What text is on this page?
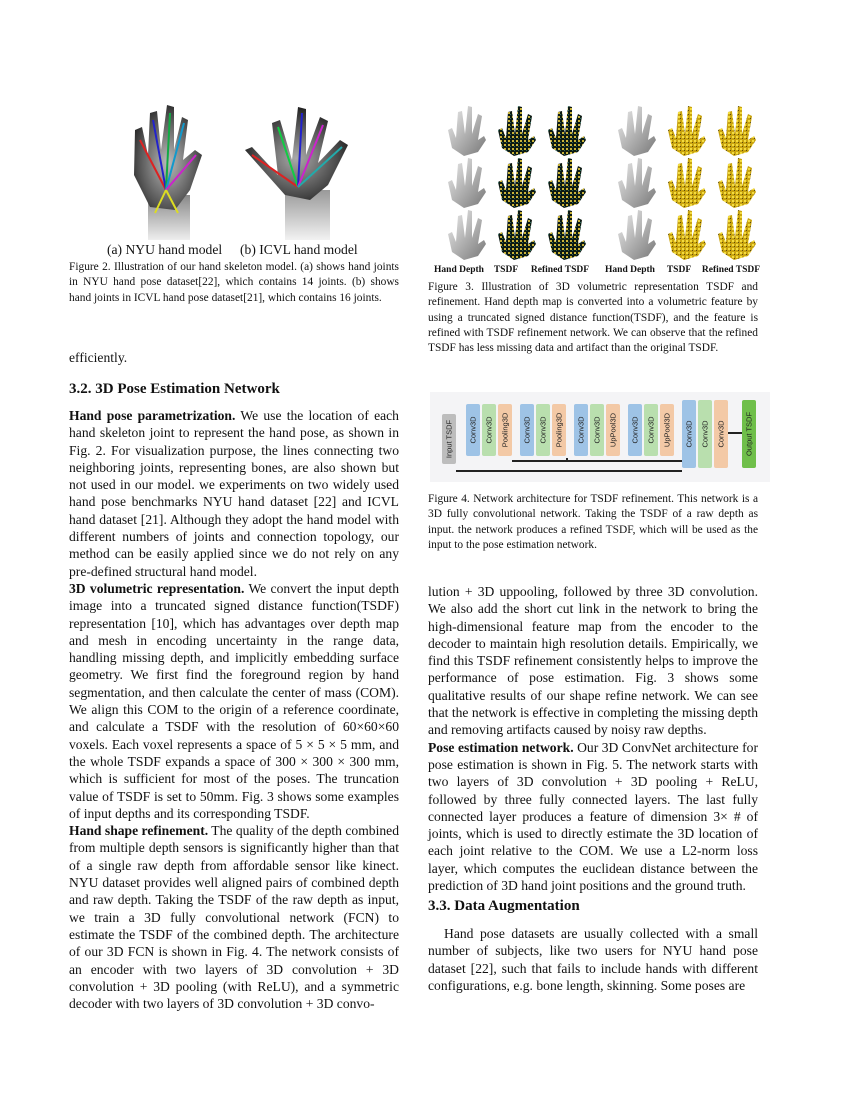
(a) NYU hand model (b) ICVL hand model
Figure 2. Illustration of our hand skeleton model. (a) shows hand joints in NYU hand pose dataset[22], which contains 14 joints. (b) shows hand joints in ICVL hand pose dataset[21], which contains 16 joints.
efficiently.
3.2. 3D Pose Estimation Network

Hand pose parametrization. We use the location of each hand skeleton joint to represent the hand pose, as shown in Fig. 2. For visualization purpose, the lines connecting two neighboring joints, representing bones, are also shown but not used in our model. we experiments on two widely used hand pose benchmarks NYU hand dataset [22] and ICVL hand dataset [21]. Although they adopt the hand model with different numbers of joints and connection topology, our method can be easily applied since we do not rely on any pre-defined structural hand model.

3D volumetric representation. We convert the input depth image into a truncated signed distance function(TSDF) representation [10], which has advantages over depth map and mesh in encoding uncertainty in the range data, handling missing depth, and implicitly embedding surface geometry. We first find the foreground region by hand segmentation, and then calculate the center of mass (COM). We align this COM to the origin of a reference coordinate, and calculate a TSDF with the resolution of 60×60×60 voxels. Each voxel represents a space of 5 × 5 × 5 mm, and the whole TSDF expands a space of 300 × 300 × 300 mm, which is sufficient for most of the poses. The truncation value of TSDF is set to 50mm. Fig. 3 shows some examples of input depths and its corresponding TSDF.

Hand shape refinement. The quality of the depth combined from multiple depth sensors is significantly higher than that of a single raw depth from affordable sensor like kinect. NYU dataset provides well aligned pairs of combined depth and raw depth. Taking the TSDF of the raw depth as input, we train a 3D fully convolutional network (FCN) to estimate the TSDF of the combined depth. The architecture of our 3D FCN is shown in Fig. 4. The network consists of an encoder with two layers of 3D convolution + 3D convolution + 3D pooling (with ReLU), and a symmetric decoder with two layers of 3D convolution + 3D convo-

Hand Depth	TSDF	Refined TSDF	Hand Depth	TSDF	Refined TSDF
Figure 3. Illustration of 3D volumetric representation TSDF and refinement. Hand depth map is converted into a volumetric feature by using a truncated signed distance function(TSDF), and the feature is refined with TSDF refinement network. We can observe that the refined TSDF has less missing data and artifact than the original TSDF.
Input TSDF Conv3D Conv3D Pooling3D Conv3D Conv3D Pooling3D Conv3D Conv3D UpPool3D Conv3D Conv3D UpPool3D Conv3D Conv3D Conv3D	Output TSDF
Figure 4. Network architecture for TSDF refinement. This network is a 3D fully convolutional network. Taking the TSDF of a raw depth as input. the network produces a refined TSDF, which will be used as the input to the pose estimation network.

lution + 3D uppooling, followed by three 3D convolution. We also add the short cut link in the network to bring the high-dimensional feature map from the encoder to the decoder to maintain high resolution details. Empirically, we find this TSDF refinement consistently helps to improve the performance of pose estimation. Fig. 3 shows some qualitative results of our shape refine network. We can see that the network is effective in completing the missing depth and removing artifacts caused by noisy raw depths.

Pose estimation network. Our 3D ConvNet architecture for pose estimation is shown in Fig. 5. The network starts with two layers of 3D convolution + 3D pooling + ReLU, followed by three fully connected layers. The last fully connected layer produces a feature of dimension 3× # of joints, which is used to directly estimate the 3D location of each joint relative to the COM. We use a L2-norm loss layer, which computes the euclidean distance between the prediction of 3D hand joint positions and the ground truth.

3.3. Data Augmentation
Hand pose datasets are usually collected with a small number of subjects, like two users for NYU hand pose dataset [22], such that fails to include hands with different configurations, e.g. bone length, skinning. Some poses are
